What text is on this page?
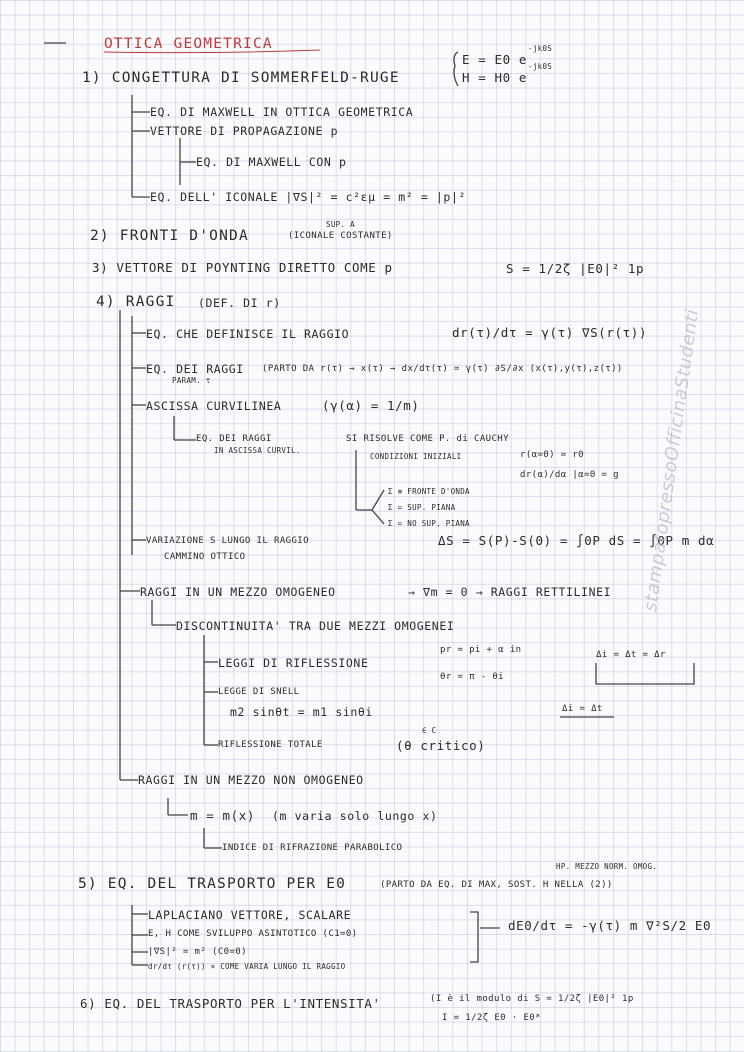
OTTICA GEOMETRICA
1) CONGETTURA DI SOMMERFELD-RUGE
E = E0 e
-jk0S
H = H0 e
-jk0S
EQ. DI MAXWELL IN OTTICA GEOMETRICA
VETTORE DI PROPAGAZIONE p
EQ. DI MAXWELL CON p
EQ. DELL' ICONALE |∇S|² = c²εμ = m² = |p|²
2) FRONTI D'ONDA
SUP. A
(ICONALE COSTANTE)
3) VETTORE DI POYNTING DIRETTO COME p	S = 1/2ζ |E0|² 1p
4) RAGGI (DEF. DI r)
EQ. CHE DEFINISCE IL RAGGIO	dr(τ)/dτ = γ(τ) ∇S(r(τ))
EQ. DEI RAGGI
PARAM. τ
(PARTO DA r(τ) → x(τ) → dx/dτ(τ) = γ(τ) ∂S/∂x (x(τ),y(τ),z(τ))
ASCISSA CURVILINEA	(γ(α) = 1/m)
EQ. DEI RAGGI
IN ASCISSA CURVIL.
SI RISOLVE COME P. di CAUCHY
CONDIZIONI INIZIALI	r(α=0) = r0
dr(α)/dα |α=0 = g
Σ ≡ FRONTE D'ONDA
Σ = SUP. PIANA
Σ = NO SUP. PIANA
VARIAZIONE S LUNGO IL RAGGIO	ΔS = S(P)-S(0) = ∫0P dS = ∫0P m dα
CAMMINO OTTICO
RAGGI IN UN MEZZO OMOGENEO	→ ∇m = 0 → RAGGI RETTILINEI
DISCONTINUITA' TRA DUE MEZZI OMOGENEI
LEGGI DI RIFLESSIONE
pr = pi + α in
θr = π - θi
Δi = Δt = Δr
LEGGE DI SNELL
m2 sinθt = m1 sinθi	Δi = Δt
RIFLESSIONE TOTALE	(θ critico)
∈ C
RAGGI IN UN MEZZO NON OMOGENEO
m = m(x) (m varia solo lungo x)
INDICE DI RIFRAZIONE PARABOLICO
HP. MEZZO NORM. OMOG.
5) EQ. DEL TRASPORTO PER E0	(PARTO DA EQ. DI MAX, SOST. H NELLA (2))
LAPLACIANO VETTORE, SCALARE
E, H COME SVILUPPO ASINTOTICO (C1=0)
|∇S|² = m² (C0=0)
dr/dτ (r(τ)) × COME VARIA LUNGO IL RAGGIO
dE0/dτ = -γ(τ) m ∇²S/2 E0
6) EQ. DEL TRASPORTO PER L'INTENSITA'	(I è il modulo di S = 1/2ζ |E0|² 1p
I = 1/2ζ E0 · E0*
stampatopressoOfficinaStudenti
